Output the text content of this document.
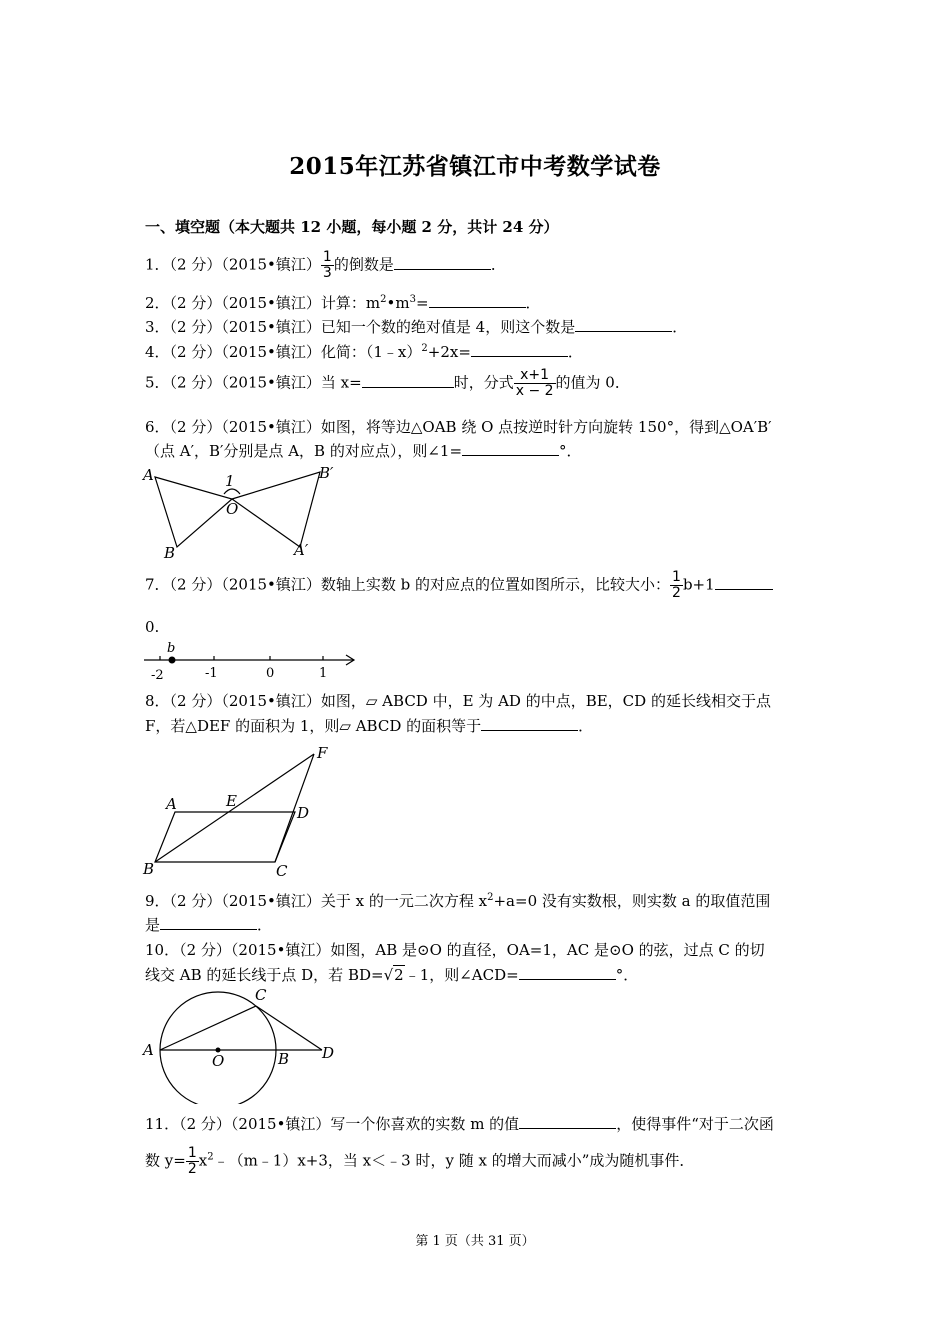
2015年江苏省镇江市中考数学试卷
一、填空题（本大题共 12 小题，每小题 2 分，共计 24 分）
1．（2 分）（2015•镇江） $\frac{1}{3}$ 的倒数是	．
2．（2 分）（2015•镇江）计算：$m^2•m^3=$	．
3．（2 分）（2015•镇江）已知一个数的绝对值是 4，则这个数是	．
4．（2 分）（2015•镇江）化简：（1﹣x）$^2$+2x=	．
5．（2 分）（2015•镇江）当 x=	时，分式 $\frac{x+1}{x - 2}$ 的值为 0．
6．（2 分）（2015•镇江）如图，将等边△OAB 绕 O 点按逆时针方向旋转 150°，得到△OA′B′
（点 A′，B′分别是点 A，B 的对应点），则∠1=	°．
A
B
O
1	B′
A′
7．（2 分）（2015•镇江）数轴上实数 b 的对应点的位置如图所示，比较大小： $\frac{1}{2} b+1$
0.
b
-2	-1	0	1
8．（2 分）（2015•镇江）如图，▱ ABCD 中，E 为 AD 的中点，BE，CD 的延长线相交于点
F，若△DEF 的面积为 1，则▱ ABCD 的面积等于	．
A	E
D
F
B	C
9．（2 分）（2015•镇江）关于 x 的一元二次方程 $x^2+a=0$ 没有实数根，则实数 a 的取值范围
是	．
10．（2 分）（2015•镇江）如图，AB 是⊙O 的直径，OA=1，AC 是⊙O 的弦，过点 C 的切
线交 AB 的延长线于点 D，若 BD=√2﹣1，则∠ACD=	°．
A
O	B
C
D
11．（2 分）（2015•镇江）写一个你喜欢的实数 m 的值	，使得事件“对于二次函
数 $y= \frac{1}{2}$ $x^2﹣(m﹣1)x+3$，当 x＜﹣3 时，y 随 x 的增大而减小”成为随机事件．
第 1 页（共 31 页）
